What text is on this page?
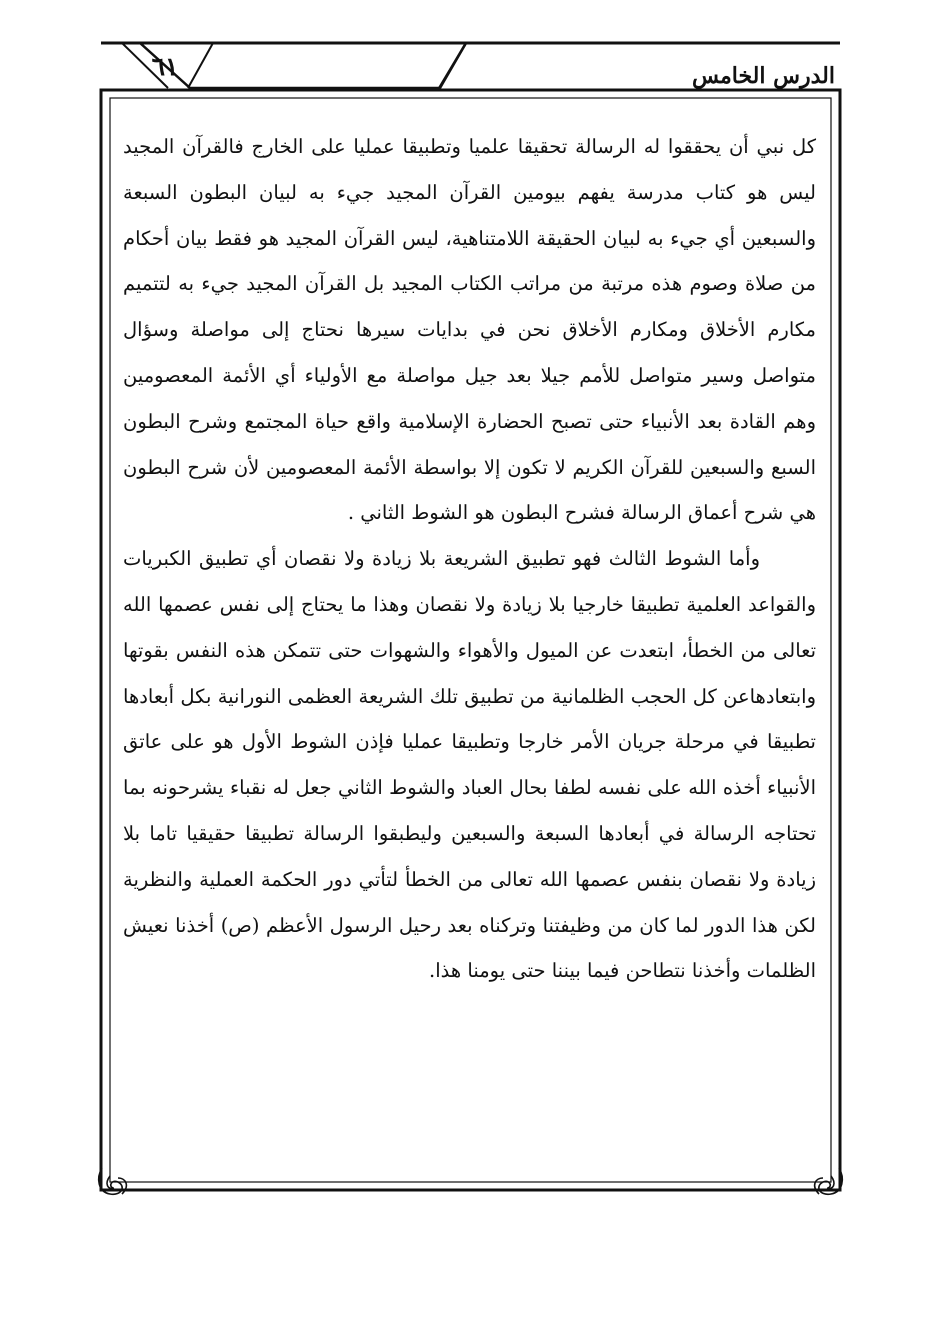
٦١	الدرس الخامس

كل نبي أن يحققوا له الرسالة تحقيقا علميا وتطبيقا عمليا على الخارج فالقرآن المجيد ليس هو كتاب مدرسة يفهم بيومين القرآن المجيد جيء به لبيان البطون السبعة والسبعين أي جيء به لبيان الحقيقة اللامتناهية، ليس القرآن المجيد هو فقط بيان أحكام من صلاة وصوم هذه مرتبة من مراتب الكتاب المجيد بل القرآن المجيد جيء به لتتميم مكارم الأخلاق ومكارم الأخلاق نحن في بدايات سيرها نحتاج إلى مواصلة وسؤال متواصل وسير متواصل للأمم جيلا بعد جيل مواصلة مع الأولياء أي الأئمة المعصومين وهم القادة بعد الأنبياء حتى تصبح الحضارة الإسلامية واقع حياة المجتمع وشرح البطون السبع والسبعين للقرآن الكريم لا تكون إلا بواسطة الأئمة المعصومين لأن شرح البطون هي شرح أعماق الرسالة فشرح البطون هو الشوط الثاني .

وأما الشوط الثالث فهو تطبيق الشريعة بلا زيادة ولا نقصان أي تطبيق الكبريات والقواعد العلمية تطبيقا خارجيا بلا زيادة ولا نقصان وهذا ما يحتاج إلى نفس عصمها الله تعالى من الخطأ، ابتعدت عن الميول والأهواء والشهوات حتى تتمكن هذه النفس بقوتها وابتعادهاعن كل الحجب الظلمانية من تطبيق تلك الشريعة العظمى النورانية بكل أبعادها تطبيقا في مرحلة جريان الأمر خارجا وتطبيقا عمليا فإذن الشوط الأول هو على عاتق الأنبياء أخذه الله على نفسه لطفا بحال العباد والشوط الثاني جعل له نقباء يشرحونه بما تحتاجه الرسالة في أبعادها السبعة والسبعين وليطبقوا الرسالة تطبيقا حقيقيا تاما بلا زيادة ولا نقصان بنفس عصمها الله تعالى من الخطأ لتأتي دور الحكمة العملية والنظرية لكن هذا الدور لما كان من وظيفتنا وتركناه بعد رحيل الرسول الأعظم (ص) أخذنا نعيش الظلمات وأخذنا نتطاحن فيما بيننا حتى يومنا هذا.
